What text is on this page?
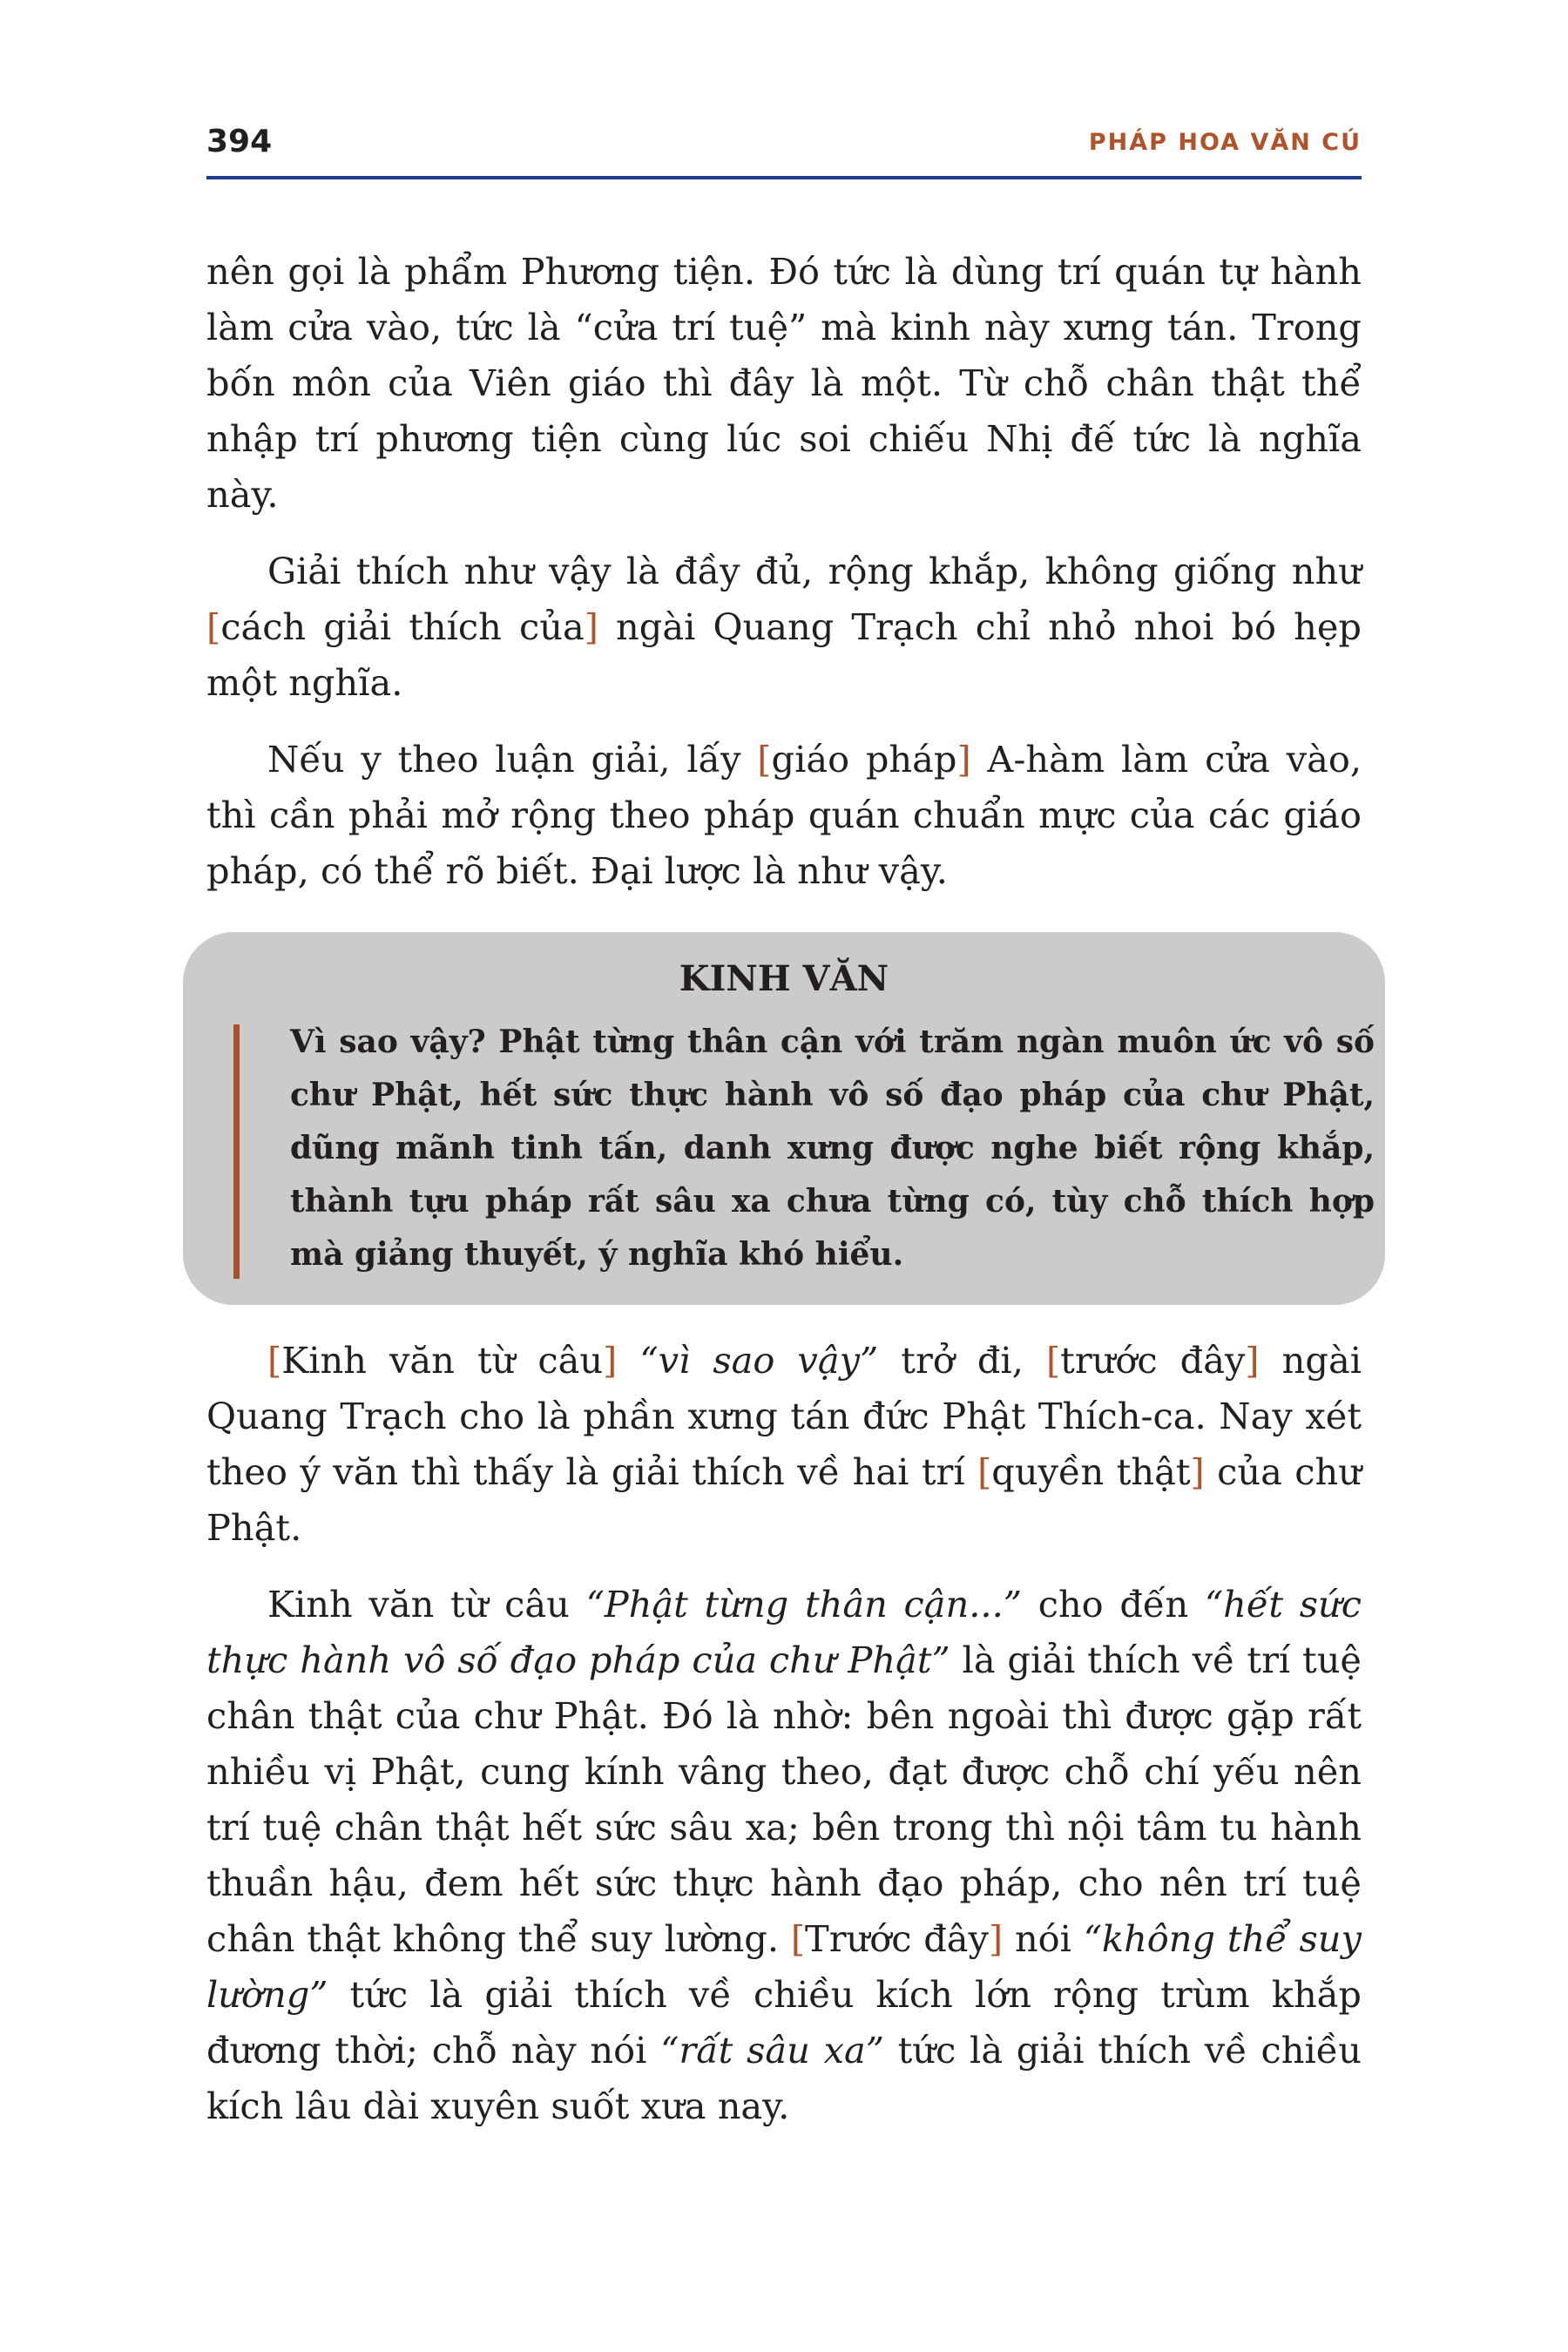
394	PHÁP HOA VĂN CÚ

nên gọi là phẩm Phương tiện. Đó tức là dùng trí quán tự hành làm cửa vào, tức là “cửa trí tuệ” mà kinh này xưng tán. Trong bốn môn của Viên giáo thì đây là một. Từ chỗ chân thật thể nhập trí phương tiện cùng lúc soi chiếu Nhị đế tức là nghĩa này.

Giải thích như vậy là đầy đủ, rộng khắp, không giống như [cách giải thích của] ngài Quang Trạch chỉ nhỏ nhoi bó hẹp một nghĩa.

Nếu y theo luận giải, lấy [giáo pháp] A-hàm làm cửa vào, thì cần phải mở rộng theo pháp quán chuẩn mực của các giáo pháp, có thể rõ biết. Đại lược là như vậy.

KINH VĂN
Vì sao vậy? Phật từng thân cận với trăm ngàn muôn ức vô số chư Phật, hết sức thực hành vô số đạo pháp của chư Phật, dũng mãnh tinh tấn, danh xưng được nghe biết rộng khắp, thành tựu pháp rất sâu xa chưa từng có, tùy chỗ thích hợp mà giảng thuyết, ý nghĩa khó hiểu.

[Kinh văn từ câu] “vì sao vậy” trở đi, [trước đây] ngài Quang Trạch cho là phần xưng tán đức Phật Thích-ca. Nay xét theo ý văn thì thấy là giải thích về hai trí [quyền thật] của chư Phật.

Kinh văn từ câu “Phật từng thân cận...” cho đến “hết sức thực hành vô số đạo pháp của chư Phật” là giải thích về trí tuệ chân thật của chư Phật. Đó là nhờ: bên ngoài thì được gặp rất nhiều vị Phật, cung kính vâng theo, đạt được chỗ chí yếu nên trí tuệ chân thật hết sức sâu xa; bên trong thì nội tâm tu hành thuần hậu, đem hết sức thực hành đạo pháp, cho nên trí tuệ chân thật không thể suy lường. [Trước đây] nói “không thể suy lường” tức là giải thích về chiều kích lớn rộng trùm khắp đương thời; chỗ này nói “rất sâu xa” tức là giải thích về chiều kích lâu dài xuyên suốt xưa nay.
